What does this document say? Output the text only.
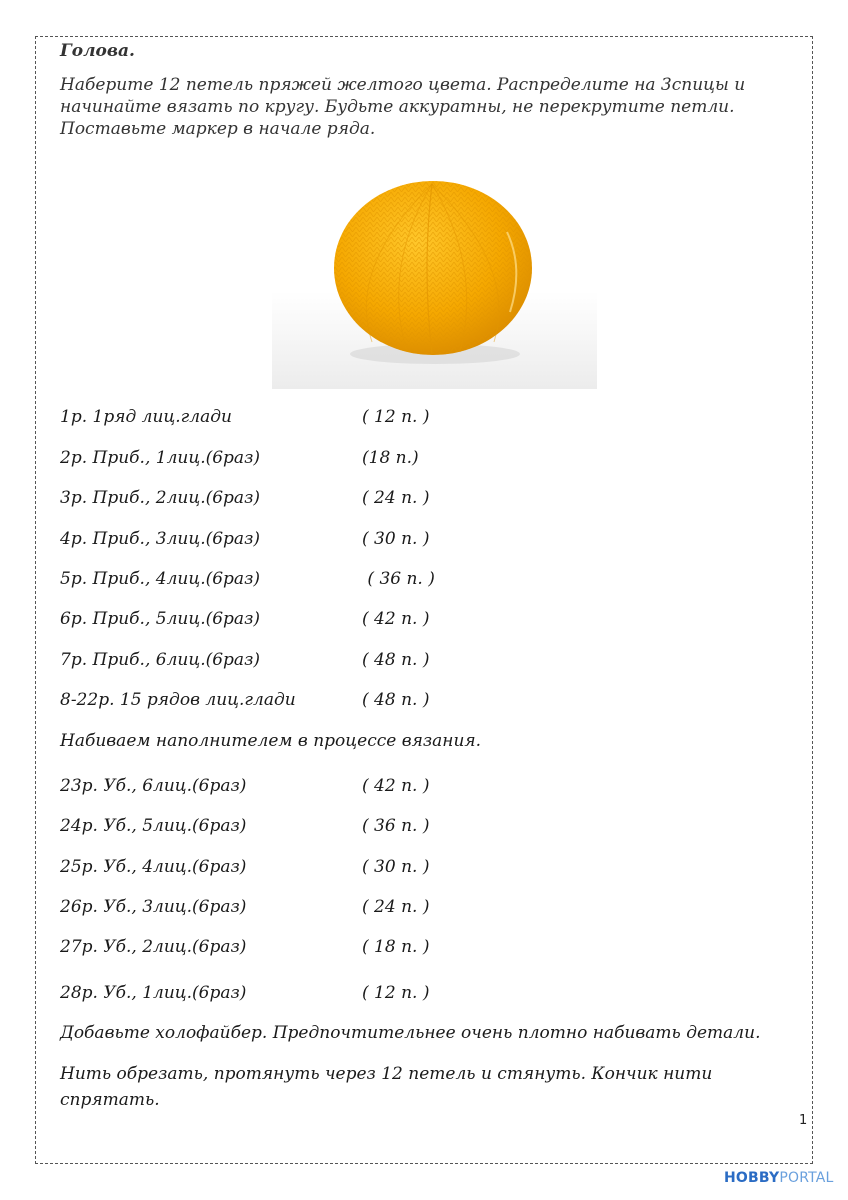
Голова.
Наберите 12 петель пряжей желтого цвета. Распределите на 3спицы и начинайте вязать по кругу. Будьте аккуратны, не перекрутите петли. Поставьте маркер в начале ряда.
1р. 1ряд лиц.глади	( 12 п. )
2р. Приб., 1лиц.(6раз)	(18 п.)
3р. Приб., 2лиц.(6раз)	( 24 п. )
4р. Приб., 3лиц.(6раз)	( 30 п. )
5р. Приб., 4лиц.(6раз)	( 36 п. )
6р. Приб., 5лиц.(6раз)	( 42 п. )
7р. Приб., 6лиц.(6раз)	( 48 п. )
8-22р. 15 рядов лиц.глади	( 48 п. )
Набиваем наполнителем в процессе вязания.
23р. Уб., 6лиц.(6раз)	( 42 п. )
24р. Уб., 5лиц.(6раз)	( 36 п. )
25р. Уб., 4лиц.(6раз)	( 30 п. )
26р. Уб., 3лиц.(6раз)	( 24 п. )
27р. Уб., 2лиц.(6раз)	( 18 п. )
28р. Уб., 1лиц.(6раз)	( 12 п. )
Добавьте холофайбер. Предпочтительнее очень плотно набивать детали.
Нить обрезать, протянуть через 12 петель и стянуть. Кончик нити спрятать.
1
HOBBYPORTAL
